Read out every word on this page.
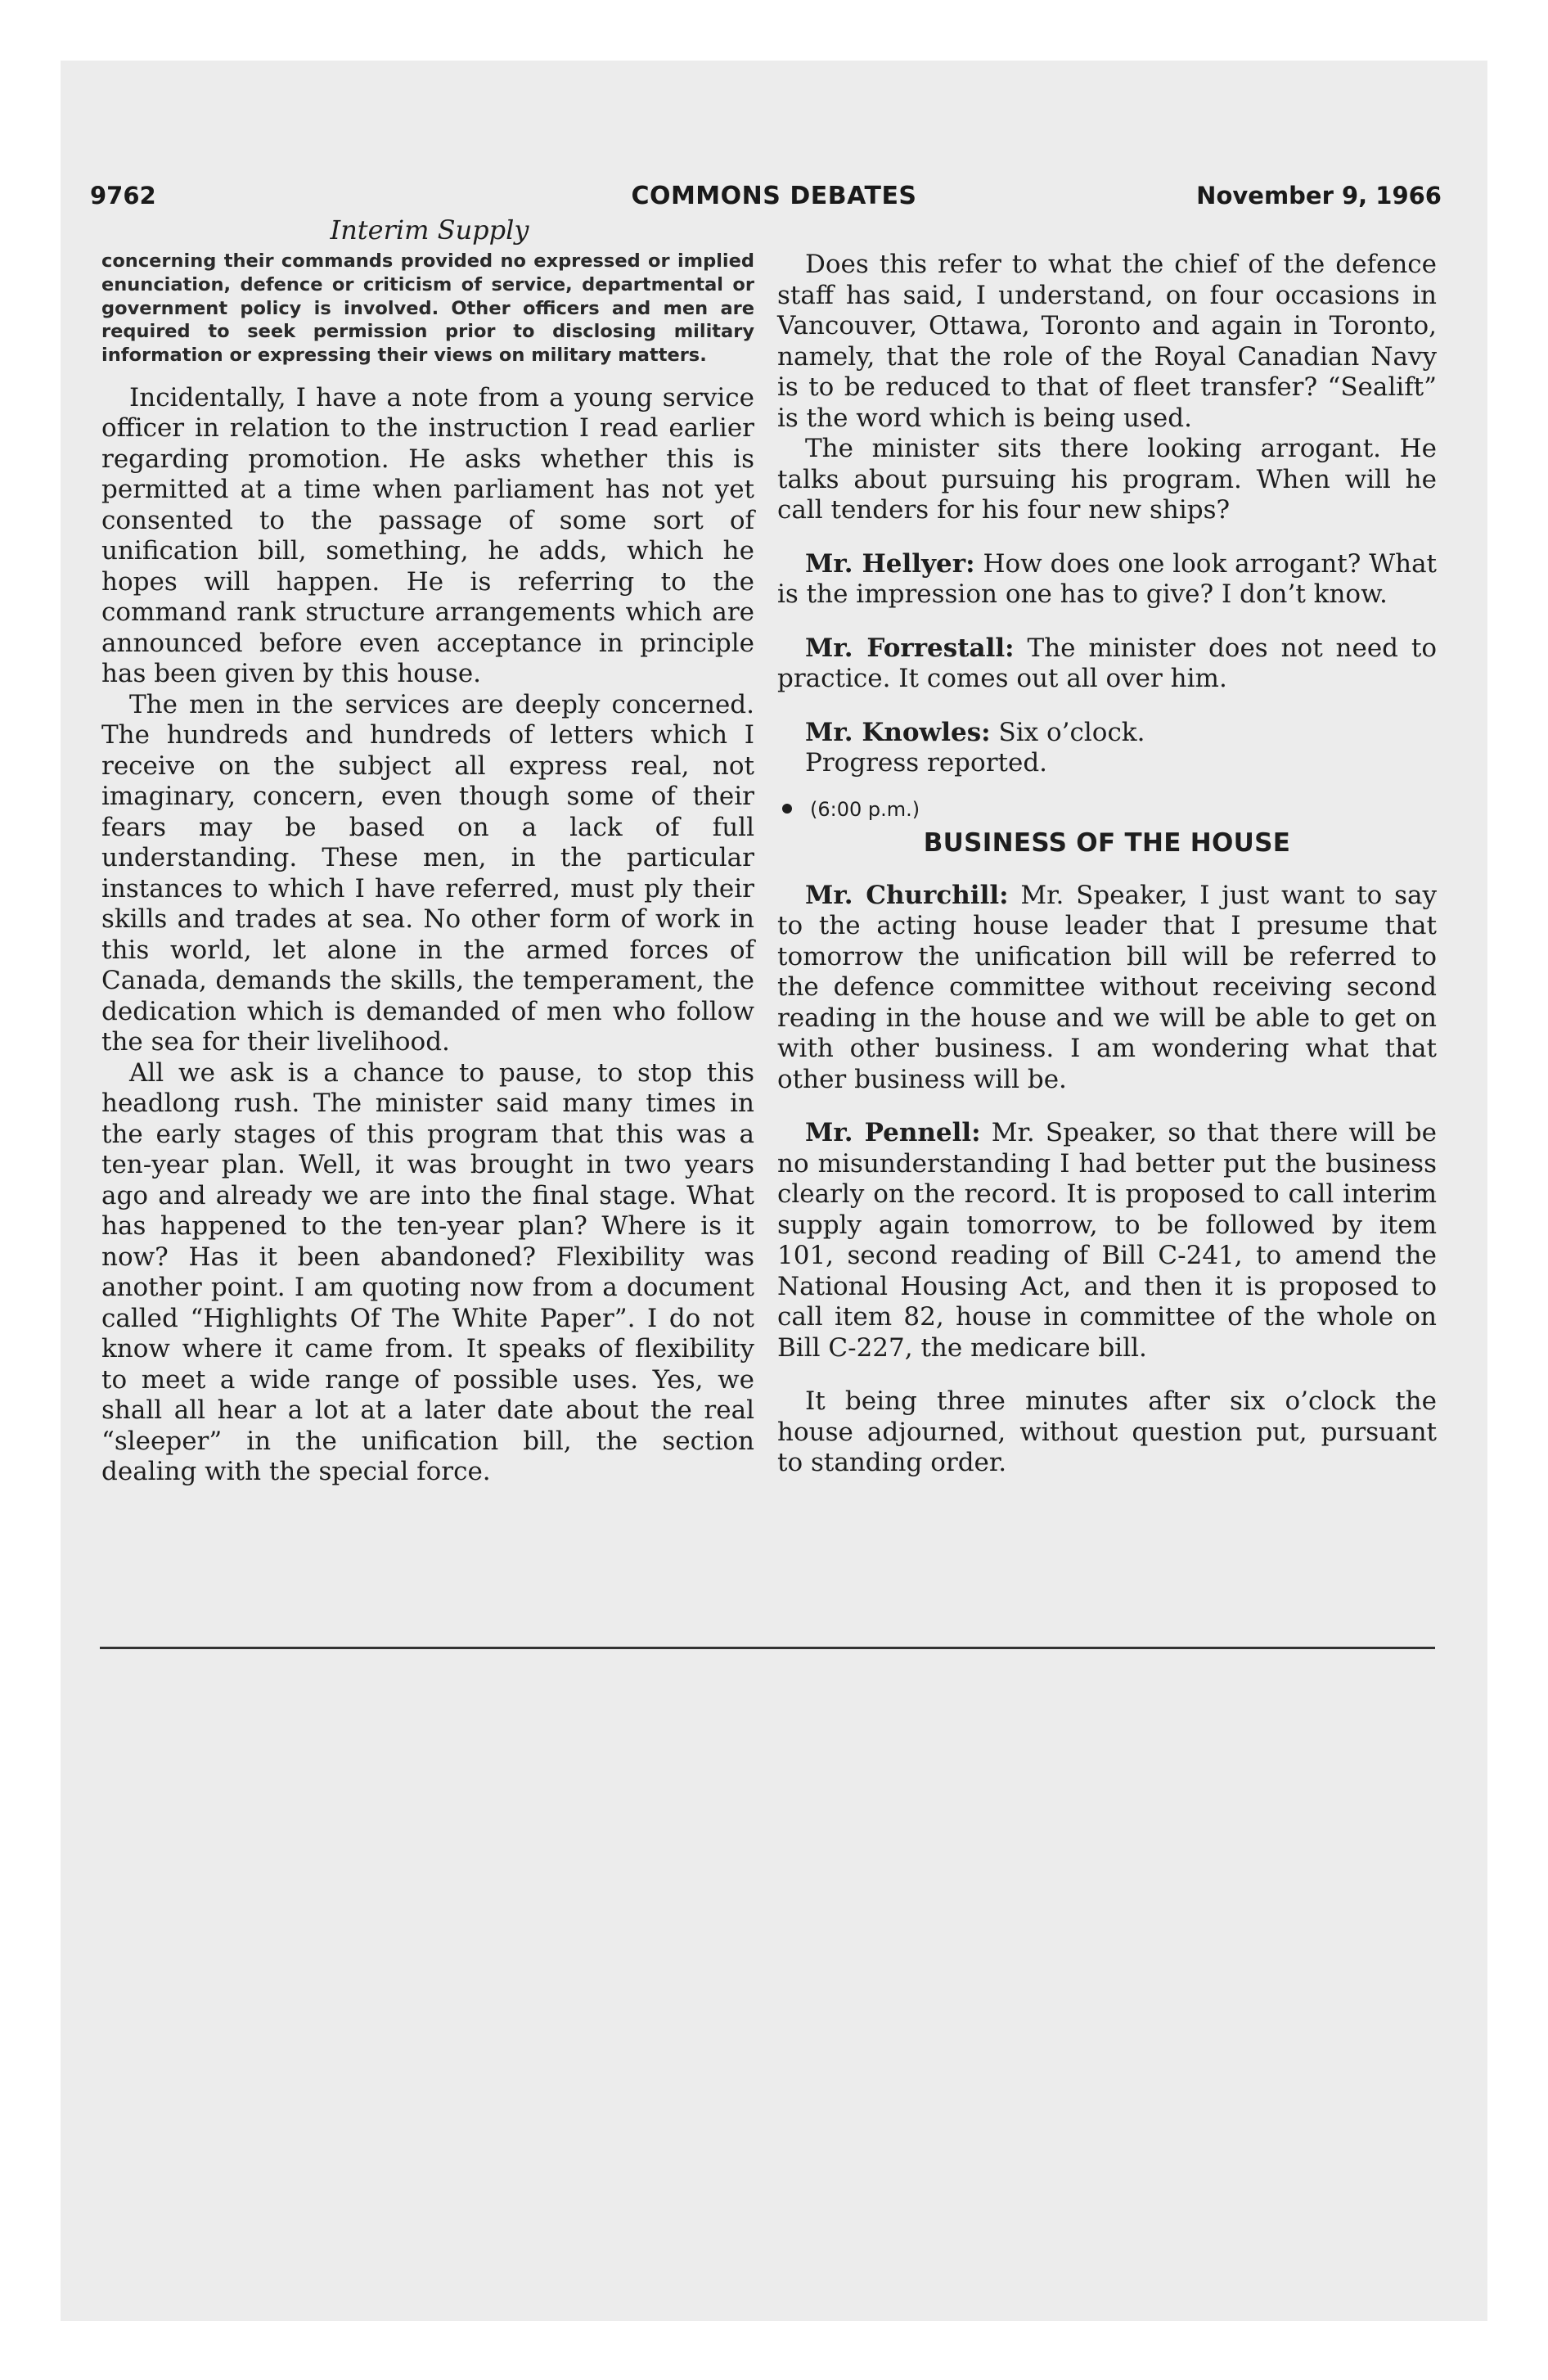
9762	COMMONS DEBATES	November 9, 1966
Interim Supply

concerning their commands provided no expressed or implied enunciation, defence or criticism of service, departmental or government policy is involved. Other officers and men are required to seek permission prior to disclosing military information or expressing their views on military matters.

Incidentally, I have a note from a young service officer in relation to the instruction I read earlier regarding promotion. He asks whether this is permitted at a time when parliament has not yet consented to the passage of some sort of unification bill, something, he adds, which he hopes will happen. He is referring to the command rank structure arrangements which are announced before even acceptance in principle has been given by this house.

The men in the services are deeply concerned. The hundreds and hundreds of letters which I receive on the subject all express real, not imaginary, concern, even though some of their fears may be based on a lack of full understanding. These men, in the particular instances to which I have referred, must ply their skills and trades at sea. No other form of work in this world, let alone in the armed forces of Canada, demands the skills, the temperament, the dedication which is demanded of men who follow the sea for their livelihood.

All we ask is a chance to pause, to stop this headlong rush. The minister said many times in the early stages of this program that this was a ten-year plan. Well, it was brought in two years ago and already we are into the final stage. What has happened to the ten-year plan? Where is it now? Has it been abandoned? Flexibility was another point. I am quoting now from a document called “Highlights Of The White Paper”. I do not know where it came from. It speaks of flexibility to meet a wide range of possible uses. Yes, we shall all hear a lot at a later date about the real “sleeper” in the unification bill, the section dealing with the special force.

Does this refer to what the chief of the defence staff has said, I understand, on four occasions in Vancouver, Ottawa, Toronto and again in Toronto, namely, that the role of the Royal Canadian Navy is to be reduced to that of fleet transfer? “Sealift” is the word which is being used.

The minister sits there looking arrogant. He talks about pursuing his program. When will he call tenders for his four new ships?

Mr. Hellyer: How does one look arrogant? What is the impression one has to give? I don’t know.

Mr. Forrestall: The minister does not need to practice. It comes out all over him.

Mr. Knowles: Six o’clock.

Progress reported.

(6:00 p.m.)
BUSINESS OF THE HOUSE

Mr. Churchill: Mr. Speaker, I just want to say to the acting house leader that I presume that tomorrow the unification bill will be referred to the defence committee without receiving second reading in the house and we will be able to get on with other business. I am wondering what that other business will be.

Mr. Pennell: Mr. Speaker, so that there will be no misunderstanding I had better put the business clearly on the record. It is proposed to call interim supply again tomorrow, to be followed by item 101, second reading of Bill C-241, to amend the National Housing Act, and then it is proposed to call item 82, house in committee of the whole on Bill C-227, the medicare bill.

It being three minutes after six o’clock the house adjourned, without question put, pursuant to standing order.
